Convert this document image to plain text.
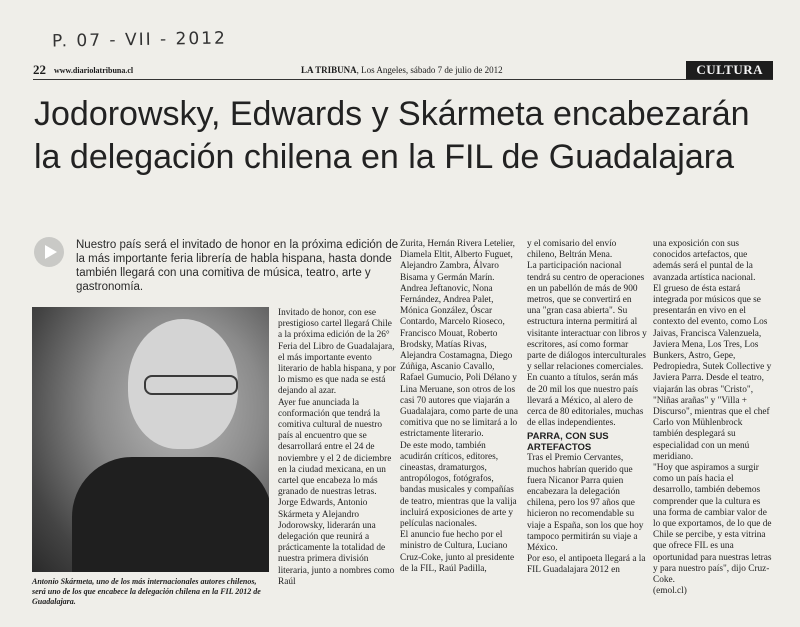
P. 07 - VII - 2012
22 www.diariolatribuna.cl	LA TRIBUNA, Los Angeles, sábado 7 de julio de 2012	CULTURA
Jodorowsky, Edwards y Skármeta encabezarán la delegación chilena en la FIL de Guadalajara
Nuestro país será el invitado de honor en la próxima edición de la más importante feria librería de habla hispana, hasta donde también llegará con una comitiva de música, teatro, arte y gastronomía.
Antonio Skármeta, uno de los más internacionales autores chilenos, será uno de los que encabece la delegación chilena en la FIL 2012 de Guadalajara.

Invitado de honor, con ese prestigioso cartel llegará Chile a la próxima edición de la 26° Feria del Libro de Guadalajara, el más importante evento literario de habla hispana, y por lo mismo es que nada se está dejando al azar.

Ayer fue anunciada la conformación que tendrá la comitiva cultural de nuestro país al encuentro que se desarrollará entre el 24 de noviembre y el 2 de diciembre en la ciudad mexicana, en un cartel que encabeza lo más granado de nuestras letras.

Jorge Edwards, Antonio Skármeta y Alejandro Jodorowsky, liderarán una delegación que reunirá a prácticamente la totalidad de nuestra primera división literaria, junto a nombres como Raúl

Zurita, Hernán Rivera Letelier, Diamela Eltit, Alberto Fuguet, Alejandro Zambra, Álvaro Bisama y Germán Marín.

Andrea Jeftanovic, Nona Fernández, Andrea Palet, Mónica González, Óscar Contardo, Marcelo Rioseco, Francisco Mouat, Roberto Brodsky, Matías Rivas, Alejandra Costamagna, Diego Zúñiga, Ascanio Cavallo, Rafael Gumucio, Poli Délano y Lina Meruane, son otros de los casi 70 autores que viajarán a Guadalajara, como parte de una comitiva que no se limitará a lo estrictamente literario.

De este modo, también acudirán críticos, editores, cineastas, dramaturgos, antropólogos, fotógrafos, bandas musicales y compañías de teatro, mientras que la valija incluirá exposiciones de arte y películas nacionales.

El anuncio fue hecho por el ministro de Cultura, Luciano Cruz-Coke, junto al presidente de la FIL, Raúl Padilla,

y el comisario del envío chileno, Beltrán Mena.

La participación nacional tendrá su centro de operaciones en un pabellón de más de 900 metros, que se convertirá en una "gran casa abierta". Su estructura interna permitirá al visitante interactuar con libros y escritores, así como formar parte de diálogos interculturales y sellar relaciones comerciales.

En cuanto a títulos, serán más de 20 mil los que nuestro país llevará a México, al alero de cerca de 80 editoriales, muchas de ellas independientes.

PARRA, CON SUS ARTEFACTOS

Tras el Premio Cervantes, muchos habrían querido que fuera Nicanor Parra quien encabezara la delegación chilena, pero los 97 años que hicieron no recomendable su viaje a España, son los que hoy tampoco permitirán su viaje a México.

Por eso, el antipoeta llegará a la FIL Guadalajara 2012 en

una exposición con sus conocidos artefactos, que además será el puntal de la avanzada artística nacional.

El grueso de ésta estará integrada por músicos que se presentarán en vivo en el contexto del evento, como Los Jaivas, Francisca Valenzuela, Javiera Mena, Los Tres, Los Bunkers, Astro, Gepe, Pedropiedra, Sutek Collective y Javiera Parra. Desde el teatro, viajarán las obras "Cristo", "Niñas arañas" y "Villa + Discurso", mientras que el chef Carlo von Mühlenbrock también desplegará su especialidad con un menú meridiano.

"Hoy que aspiramos a surgir como un país hacia el desarrollo, también debemos comprender que la cultura es una forma de cambiar valor de lo que exportamos, de lo que de Chile se percibe, y esta vitrina que ofrece FIL es una oportunidad para nuestras letras y para nuestro país", dijo Cruz-Coke.

(emol.cl)
